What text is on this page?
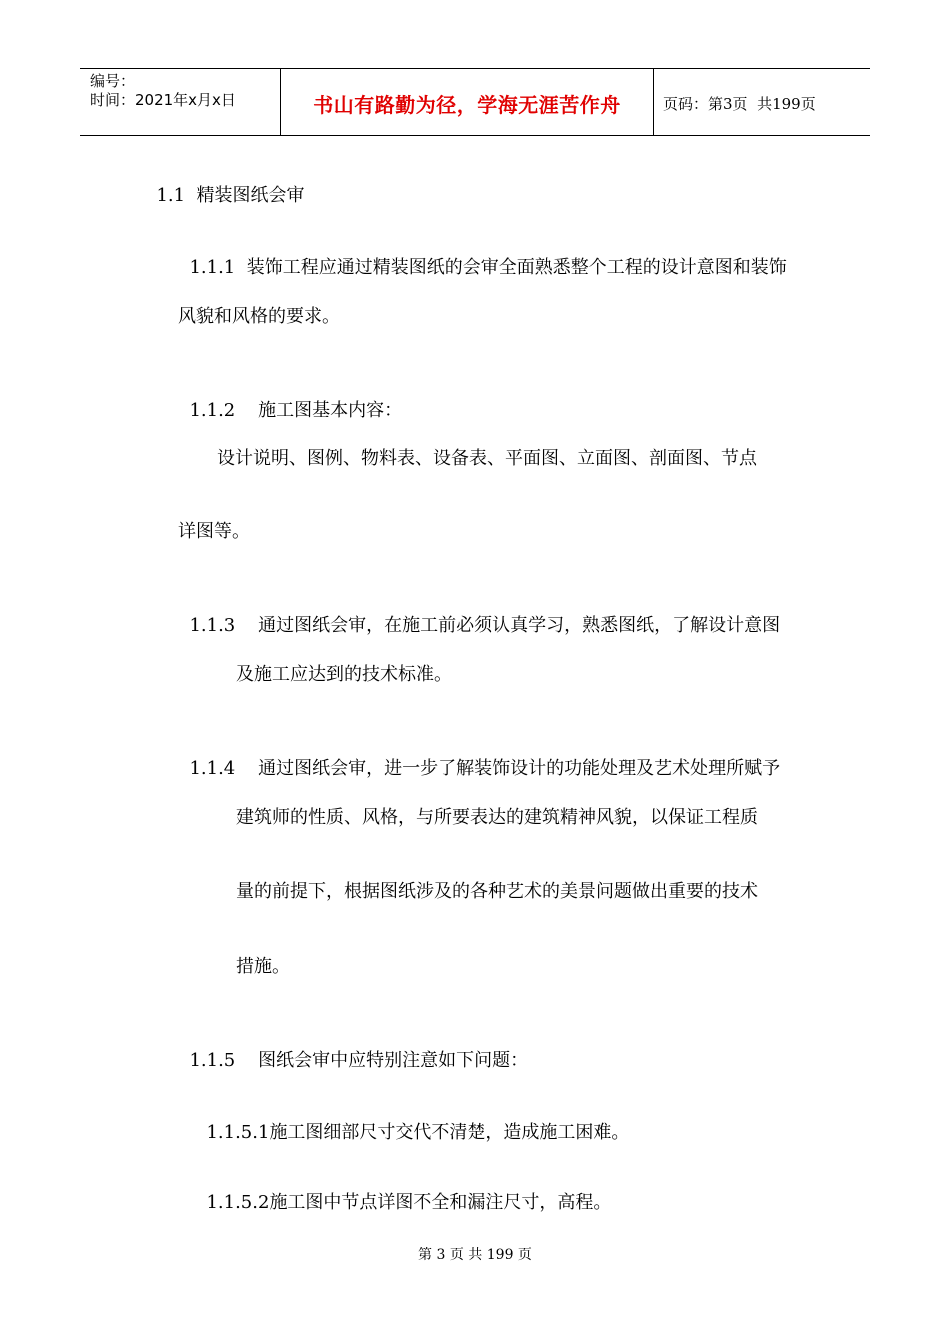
编号：
时间：2021年x月x日	书山有路勤为径，学海无涯苦作舟	页码：第3页  共199页

1.1 精装图纸会审

1.1.1 装饰工程应通过精装图纸的会审全面熟悉整个工程的设计意图和装饰

风貌和风格的要求。

1.1.2 施工图基本内容：

设计说明、图例、物料表、设备表、平面图、立面图、剖面图、节点
详图等。

1.1.3 通过图纸会审，在施工前必须认真学习，熟悉图纸，了解设计意图

及施工应达到的技术标准。

1.1.4 通过图纸会审，进一步了解装饰设计的功能处理及艺术处理所赋予

建筑师的性质、风格，与所要表达的建筑精神风貌，以保证工程质
量的前提下，根据图纸涉及的各种艺术的美景问题做出重要的技术
措施。

1.1.5 图纸会审中应特别注意如下问题：

1.1.5.1施工图细部尺寸交代不清楚，造成施工困难。

1.1.5.2施工图中节点详图不全和漏注尺寸，高程。

第 3 页 共 199 页
